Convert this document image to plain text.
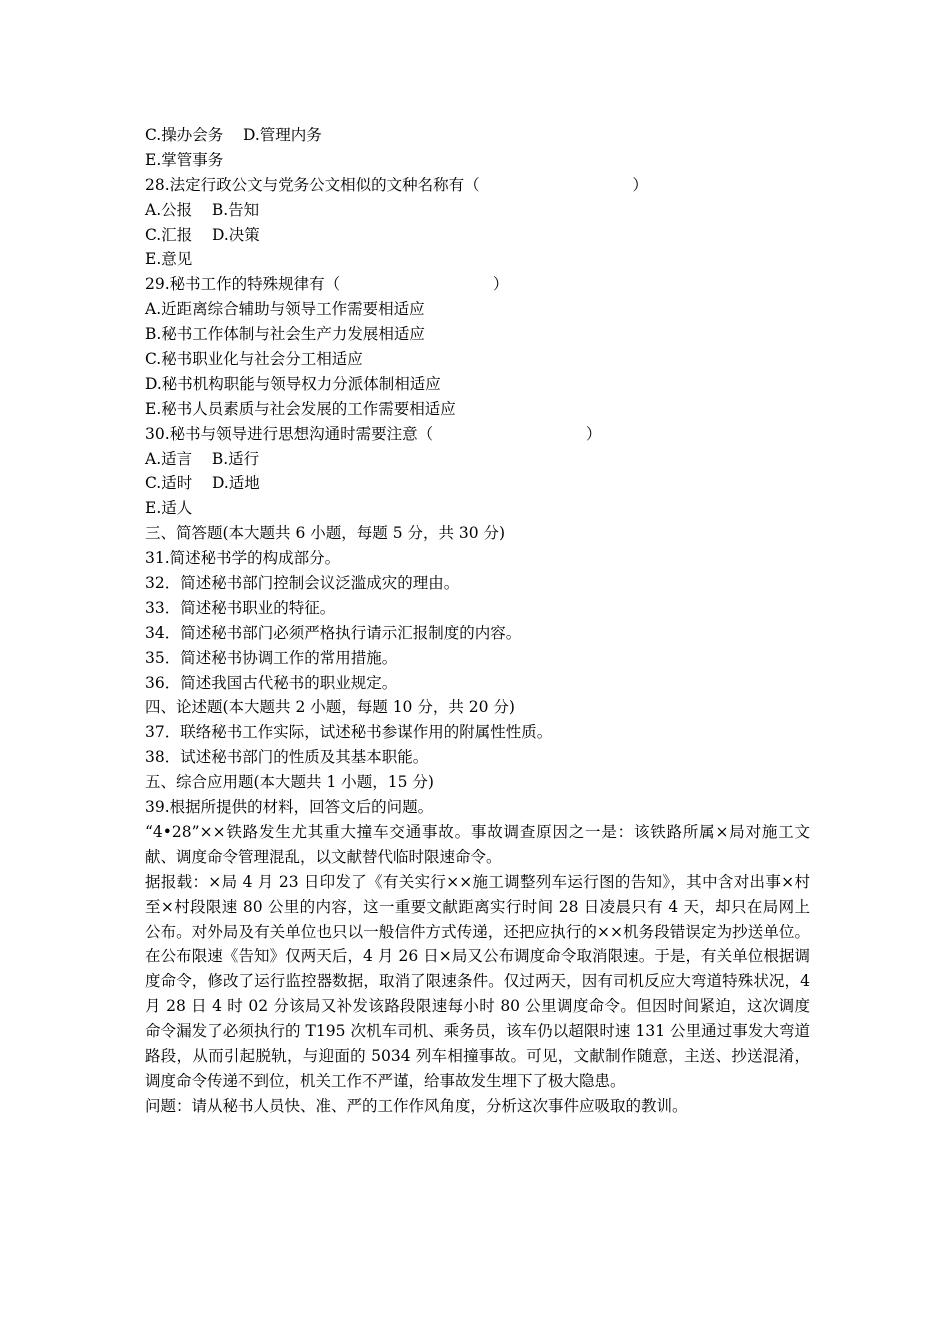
C.操办会务    D.管理内务
E.掌管事务
28.法定行政公文与党务公文相似的文种名称有（                               ）
A.公报    B.告知
C.汇报    D.决策
E.意见
29.秘书工作的特殊规律有（                               ）
A.近距离综合辅助与领导工作需要相适应
B.秘书工作体制与社会生产力发展相适应
C.秘书职业化与社会分工相适应
D.秘书机构职能与领导权力分派体制相适应
E.秘书人员素质与社会发展的工作需要相适应
30.秘书与领导进行思想沟通时需要注意（                               ）
A.适言    B.适行
C.适时    D.适地
E.适人
三、简答题(本大题共 6 小题，每题 5 分，共 30 分)
31.简述秘书学的构成部分。
32．简述秘书部门控制会议泛滥成灾的理由。
33．简述秘书职业的特征。
34．简述秘书部门必须严格执行请示汇报制度的内容。
35．简述秘书协调工作的常用措施。
36．简述我国古代秘书的职业规定。
四、论述题(本大题共 2 小题，每题 10 分，共 20 分)
37．联络秘书工作实际，试述秘书参谋作用的附属性性质。
38．试述秘书部门的性质及其基本职能。
五、综合应用题(本大题共 1 小题，15 分)
39.根据所提供的材料，回答文后的问题。
“4•28”××铁路发生尤其重大撞车交通事故。事故调查原因之一是：该铁路所属×局对施工文献、调度命令管理混乱，以文献替代临时限速命令。
据报载：×局 4 月 23 日印发了《有关实行××施工调整列车运行图的告知》，其中含对出事×村至×村段限速 80 公里的内容，这一重要文献距离实行时间 28 日凌晨只有 4 天，却只在局网上公布。对外局及有关单位也只以一般信件方式传递，还把应执行的××机务段错误定为抄送单位。在公布限速《告知》仅两天后，4 月 26 日×局又公布调度命令取消限速。于是，有关单位根据调度命令，修改了运行监控器数据，取消了限速条件。仅过两天，因有司机反应大弯道特殊状况，4 月 28 日 4 时 02 分该局又补发该路段限速每小时 80 公里调度命令。但因时间紧迫，这次调度命令漏发了必须执行的 T195 次机车司机、乘务员，该车仍以超限时速 131 公里通过事发大弯道路段，从而引起脱轨，与迎面的 5034 列车相撞事故。可见，文献制作随意，主送、抄送混淆，调度命令传递不到位，机关工作不严谨，给事故发生埋下了极大隐患。
问题：请从秘书人员快、准、严的工作作风角度，分析这次事件应吸取的教训。
